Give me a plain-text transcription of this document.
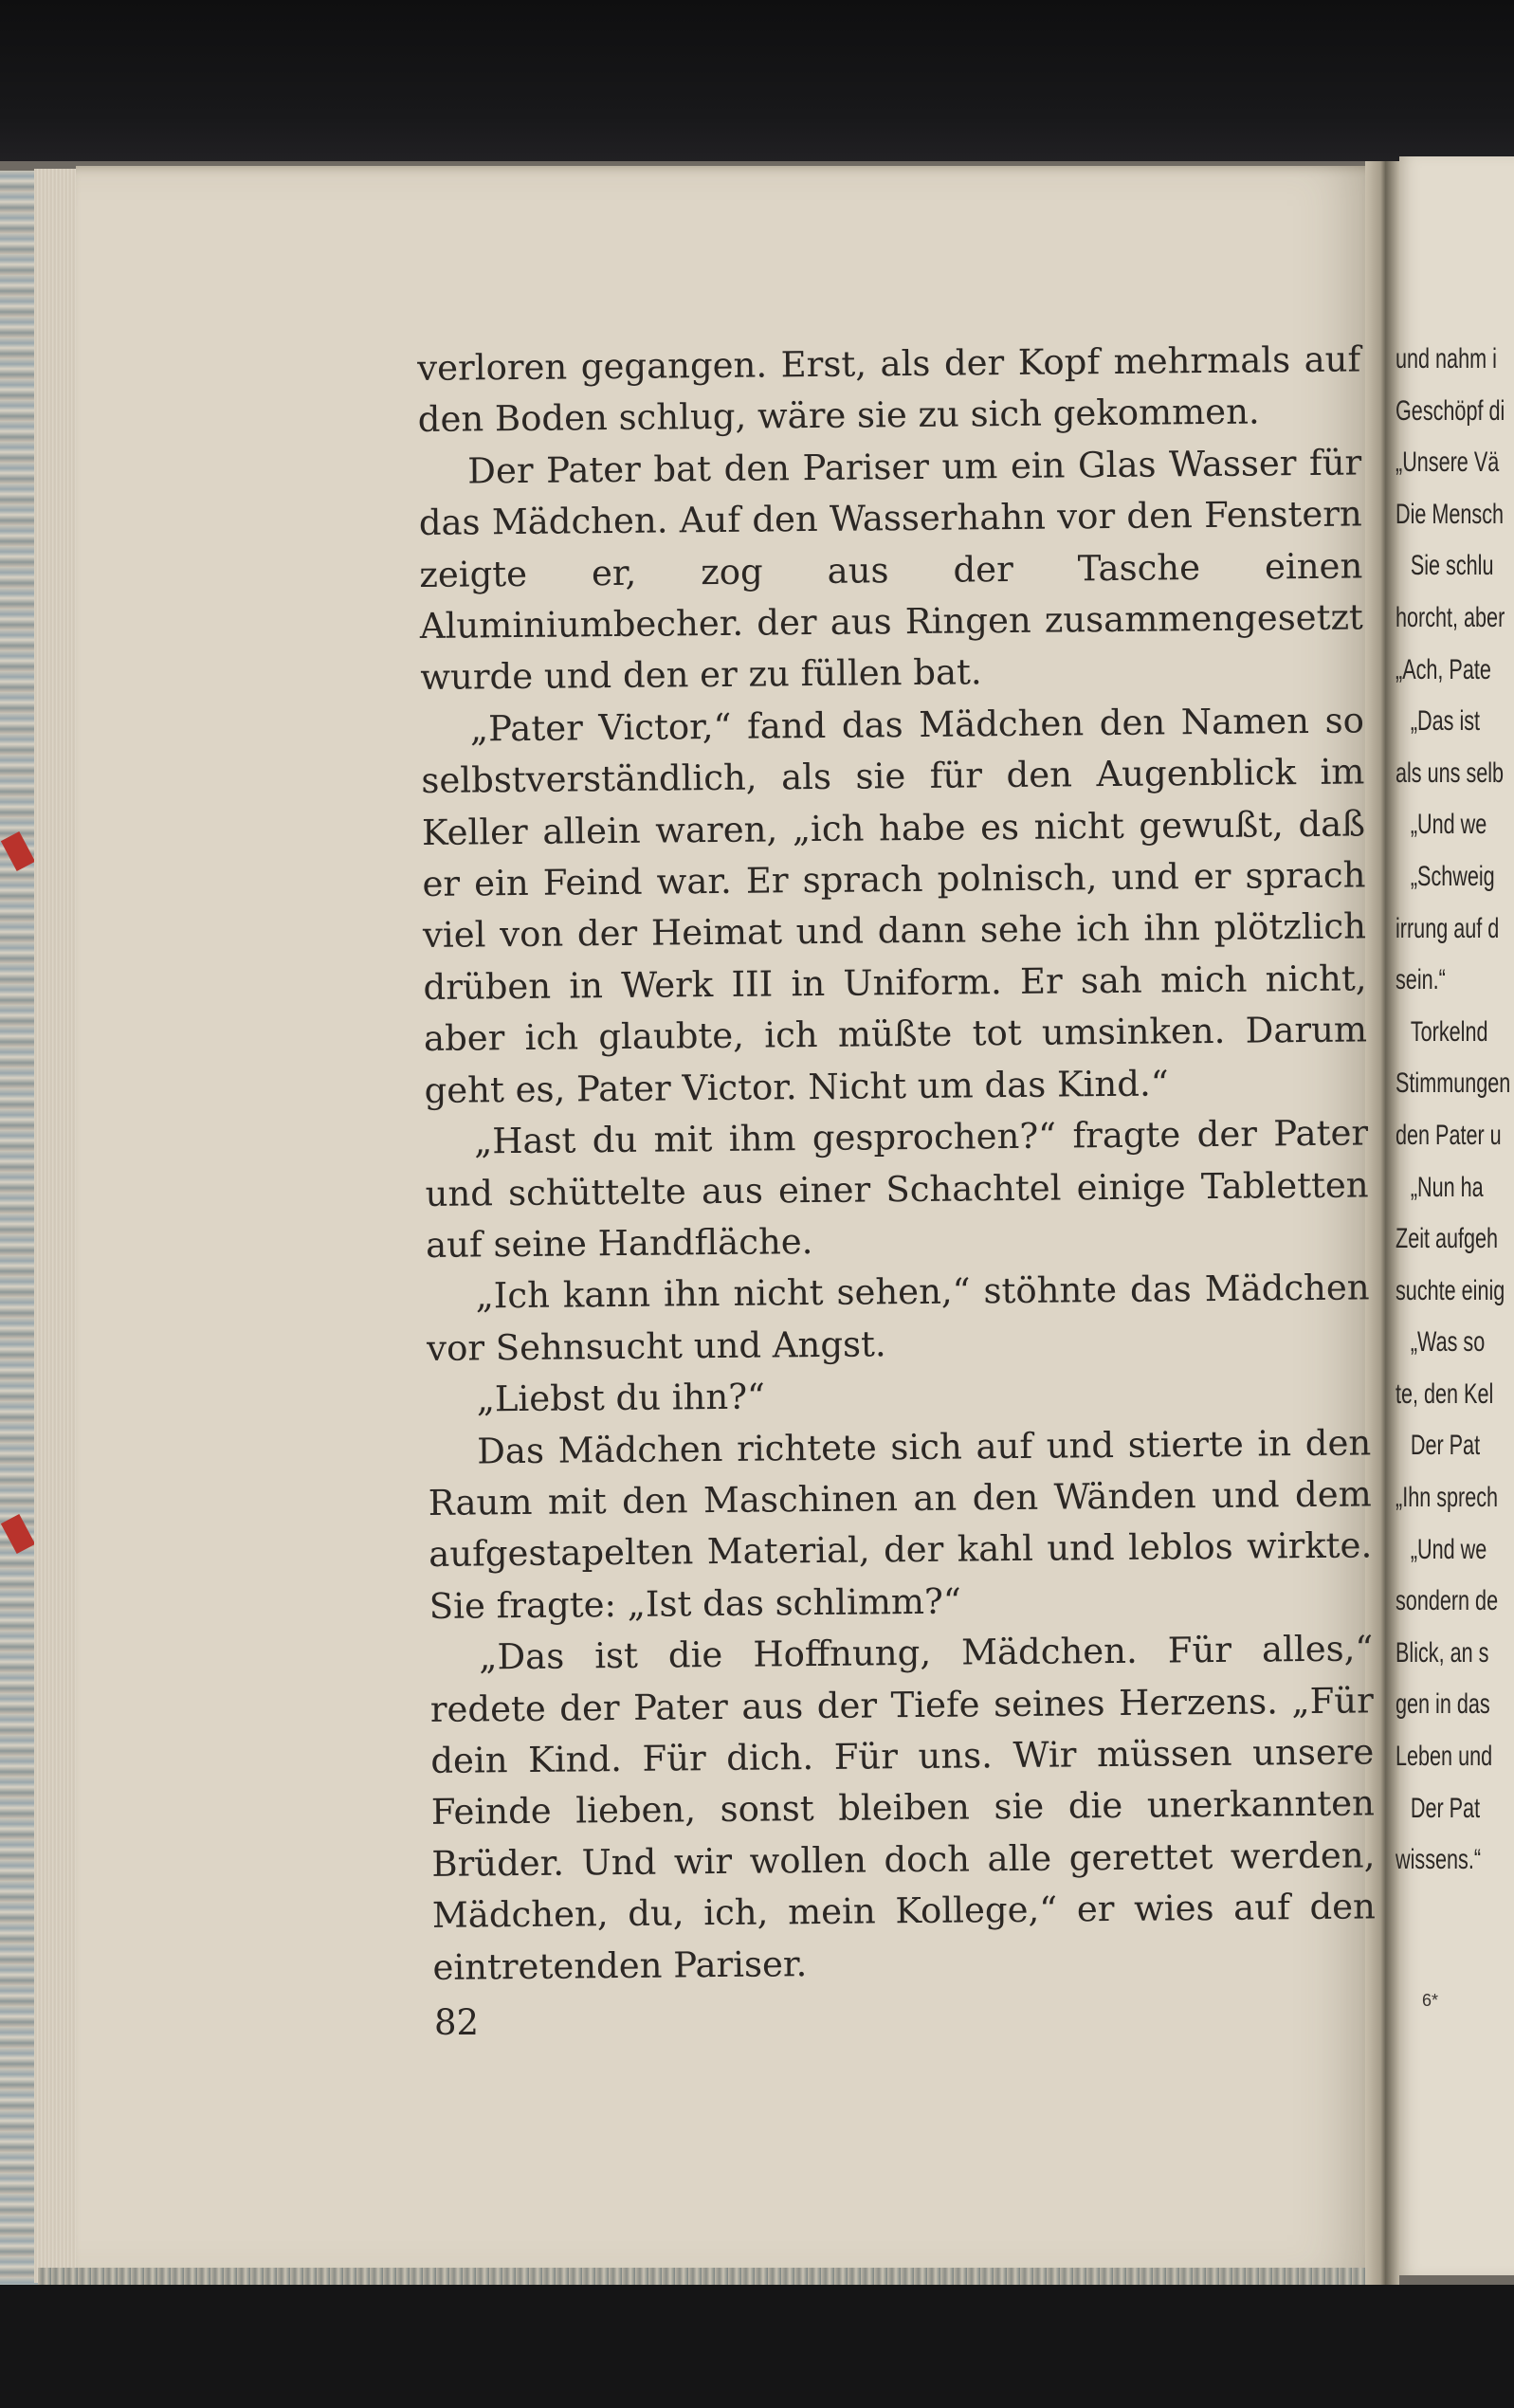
verloren gegangen. Erst, als der Kopf mehrmals auf den Boden schlug, wäre sie zu sich gekommen.

Der Pater bat den Pariser um ein Glas Wasser für das Mädchen. Auf den Wasserhahn vor den Fenstern zeigte er, zog aus der Tasche einen Aluminiumbecher. der aus Ringen zusammengesetzt wurde und den er zu füllen bat.

„Pater Victor,“ fand das Mädchen den Namen so selbstverständlich, als sie für den Augenblick im Keller allein waren, „ich habe es nicht gewußt, daß er ein Feind war. Er sprach polnisch, und er sprach viel von der Heimat und dann sehe ich ihn plötzlich drüben in Werk III in Uniform. Er sah mich nicht, aber ich glaubte, ich müßte tot umsinken. Darum geht es, Pater Victor. Nicht um das Kind.“

„Hast du mit ihm gesprochen?“ fragte der Pater und schüttelte aus einer Schachtel einige Tabletten auf seine Handfläche.

„Ich kann ihn nicht sehen,“ stöhnte das Mädchen vor Sehnsucht und Angst.

„Liebst du ihn?“

Das Mädchen richtete sich auf und stierte in den Raum mit den Maschinen an den Wänden und dem aufgestapelten Material, der kahl und leblos wirkte. Sie fragte: „Ist das schlimm?“

„Das ist die Hoffnung, Mädchen. Für alles,“ redete der Pater aus der Tiefe seines Herzens. „Für dein Kind. Für dich. Für uns. Wir müssen unsere Feinde lieben, sonst bleiben sie die unerkannten Brüder. Und wir wollen doch alle gerettet werden, Mädchen, du, ich, mein Kollege,“ er wies auf den eintretenden Pariser.

82
und nahm i
Geschöpf di
„Unsere Vä
Die Mensch
Sie schlu
horcht, aber
„Ach, Pate
„Das ist
als uns selb
„Und we
„Schweig
irrung auf d
sein.“
Torkelnd
Stimmungen
den Pater u
„Nun ha
Zeit aufgeh
suchte einig
„Was so
te, den Kel
Der Pat
„Ihn sprech
„Und we
sondern de
Blick, an s
gen in das
Leben und
Der Pat
wissens.“
6*
